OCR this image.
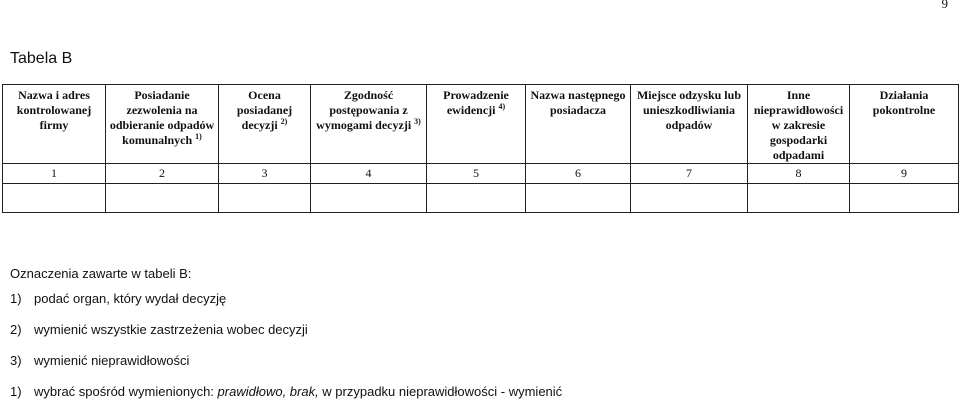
9
Tabela B
Nazwa i adres kontrolowanej firmy	Posiadanie zezwolenia na odbieranie odpadów komunalnych $^{1)}$	Ocena posiadanej decyzji $^{2)}$	Zgodność postępowania z wymogami decyzji $^{3)}$	Prowadzenie ewidencji $^{4)}$	Nazwa następnego posiadacza	Miejsce odzysku lub unieszkodliwiania odpadów	Inne nieprawidłowości w zakresie gospodarki odpadami	Działania pokontrolne
1	2	3	4	5	6	7	8	9

Oznaczenia zawarte w tabeli B:
1) podać organ, który wydał decyzję
2) wymienić wszystkie zastrzeżenia wobec decyzji
3) wymienić nieprawidłowości
1) wybrać spośród wymienionych: prawidłowo, brak, w przypadku nieprawidłowości - wymienić
